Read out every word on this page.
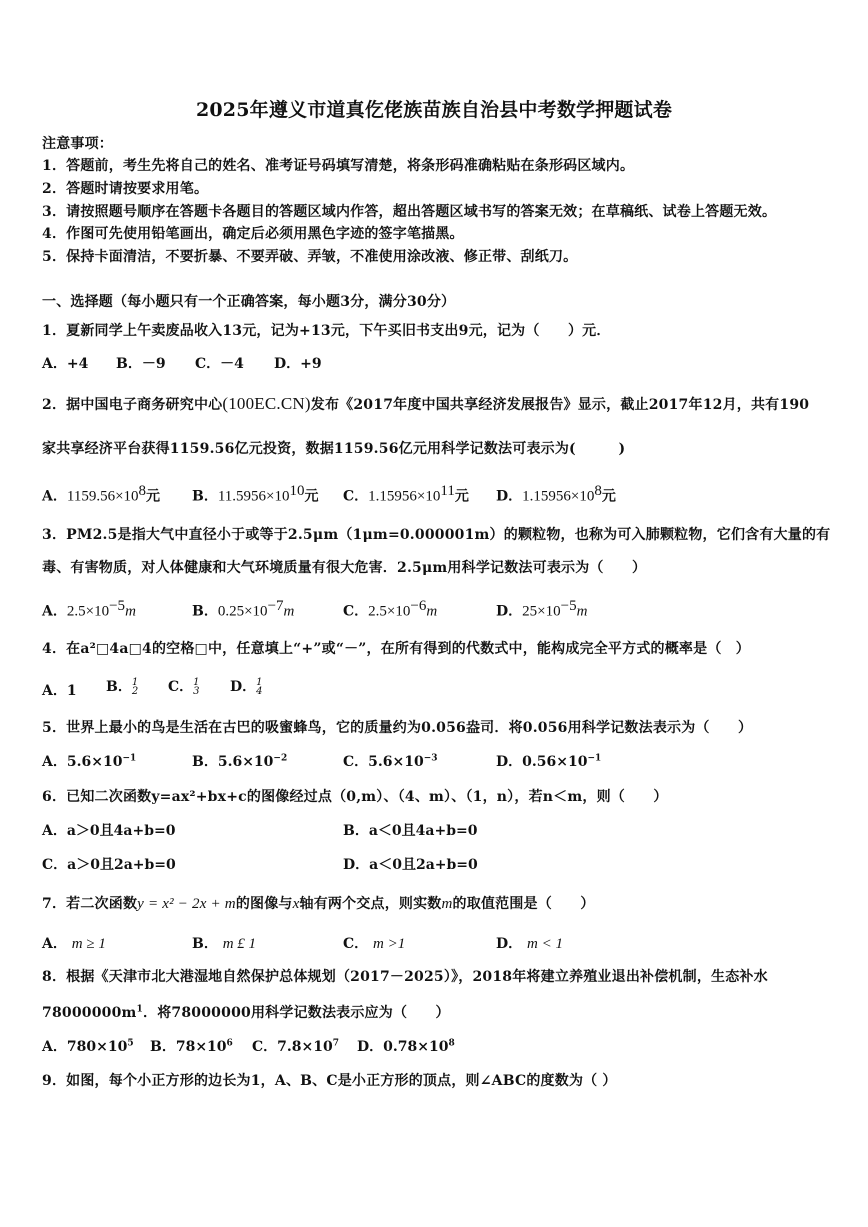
2025年遵义市道真仡佬族苗族自治县中考数学押题试卷
注意事项：
1．答题前，考生先将自己的姓名、准考证号码填写清楚，将条形码准确粘贴在条形码区域内。
2．答题时请按要求用笔。
3．请按照题号顺序在答题卡各题目的答题区域内作答，超出答题区域书写的答案无效；在草稿纸、试卷上答题无效。
4．作图可先使用铅笔画出，确定后必须用黑色字迹的签字笔描黑。
5．保持卡面清洁，不要折暴、不要弄破、弄皱，不准使用涂改液、修正带、刮纸刀。
一、选择题（每小题只有一个正确答案，每小题3分，满分30分）
1．夏新同学上午卖废品收入13元，记为+13元，下午买旧书支出9元，记为（　　）元．
A．+4 B．－9 C．－4 D．+9
2．据中国电子商务研究中心(100EC.CN)发布《2017年度中国共享经济发展报告》显示，截止2017年12月，共有190
家共享经济平台获得1159.56亿元投资，数据1159.56亿元用科学记数法可表示为(　　　)
A．$1159.56\times 10^8$元 B．$11.5956\times 10^{10}$元 C．$1.15956\times 10^{11}$元 D．$1.15956\times 10^8$元
3．PM2.5是指大气中直径小于或等于2.5μm（1μm=0.000001m）的颗粒物，也称为可入肺颗粒物，它们含有大量的有
毒、有害物质，对人体健康和大气环境质量有很大危害．2.5μm用科学记数法可表示为（　　）
A．$2.5\times 10^{-5}m$	B．$0.25\times 10^{-7}m$	C．$2.5\times 10^{-6}m$	D．$25\times 10^{-5}m$
4．在a²□4a□4的空格□中，任意填上“+”或“－”，在所有得到的代数式中，能构成完全平方式的概率是（　）
A．1 B． 1
2 C． 1
3 D． 1
4
5．世界上最小的鸟是生活在古巴的吸蜜蜂鸟，它的质量约为0.056盎司．将0.056用科学记数法表示为（　　）
A．$5.6\times 10^{-1}$	B．$5.6\times 10^{-2}$	C．$5.6\times 10^{-3}$	D．$0.56\times 10^{-1}$
6．已知二次函数y=ax²+bx+c的图像经过点（0,m）、（4、m）、（1，n），若n＜m，则（　　）
A．a＞0且4a+b=0	B．a＜0且4a+b=0
C．a＞0且2a+b=0	D．a＜0且2a+b=0
7．若二次函数y = x² − 2x + m的图像与x轴有两个交点，则实数m的取值范围是（　　）
A． m ≥ 1	B． m £ 1	C． m >1	D． m < 1
8．根据《天津市北大港湿地自然保护总体规划（2017－2025）》，2018年将建立养殖业退出补偿机制，生态补水
$78000000m^1$．将78000000用科学记数法表示应为（　　）
A．$780\times 10^5$ B．$78\times 10^6$ C．$7.8\times 10^7$ D．$0.78\times 10^8$
9．如图，每个小正方形的边长为1，A、B、C是小正方形的顶点，则∠ABC的度数为（ ）
